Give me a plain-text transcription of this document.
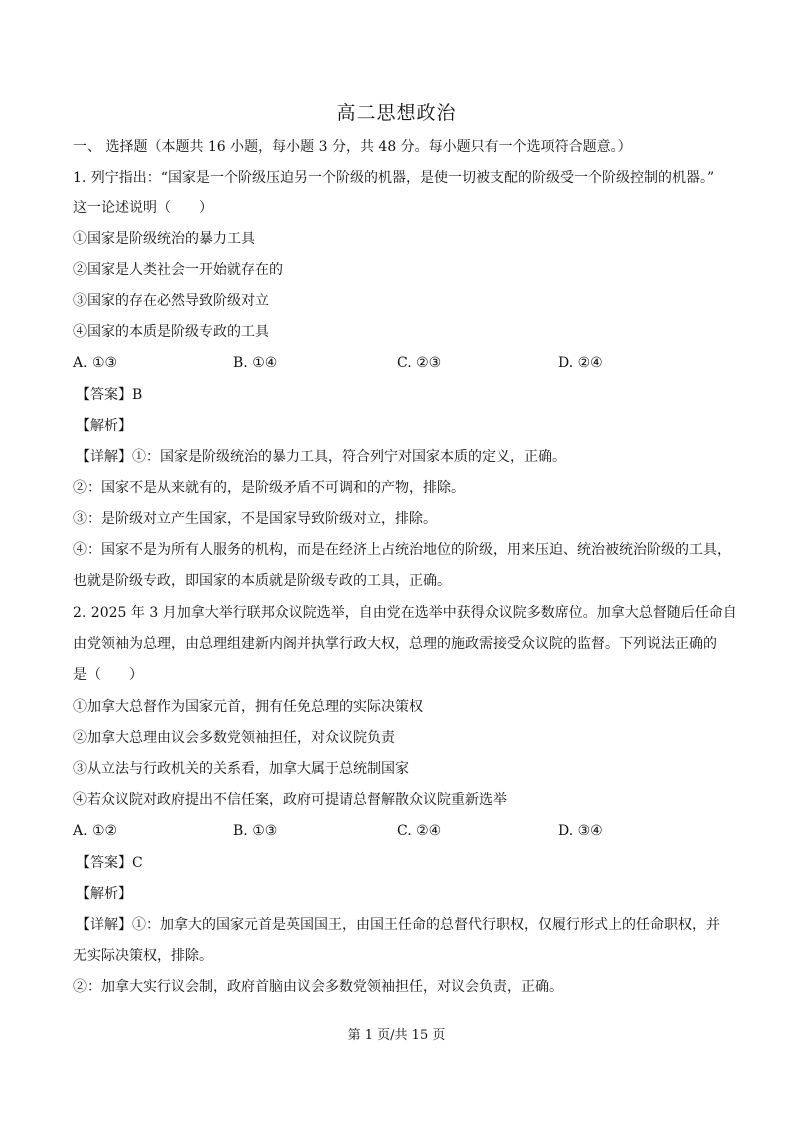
高二思想政治
一、 选择题（本题共 16 小题，每小题 3 分，共 48 分。每小题只有一个选项符合题意。）
1. 列宁指出：“国家是一个阶级压迫另一个阶级的机器，是使一切被支配的阶级受一个阶级控制的机器。”
这一论述说明（　　）
①国家是阶级统治的暴力工具
②国家是人类社会一开始就存在的
③国家的存在必然导致阶级对立
④国家的本质是阶级专政的工具
A. ①③	B. ①④	C. ②③	D. ②④
【答案】B
【解析】
【详解】①：国家是阶级统治的暴力工具，符合列宁对国家本质的定义，正确。
②：国家不是从来就有的，是阶级矛盾不可调和的产物，排除。
③：是阶级对立产生国家，不是国家导致阶级对立，排除。
④：国家不是为所有人服务的机构，而是在经济上占统治地位的阶级，用来压迫、统治被统治阶级的工具，
也就是阶级专政，即国家的本质就是阶级专政的工具，正确。
2. 2025 年 3 月加拿大举行联邦众议院选举，自由党在选举中获得众议院多数席位。加拿大总督随后任命自
由党领袖为总理，由总理组建新内阁并执掌行政大权，总理的施政需接受众议院的监督。下列说法正确的
是（　　）
①加拿大总督作为国家元首，拥有任免总理的实际决策权
②加拿大总理由议会多数党领袖担任，对众议院负责
③从立法与行政机关的关系看，加拿大属于总统制国家
④若众议院对政府提出不信任案，政府可提请总督解散众议院重新选举
A. ①②	B. ①③	C. ②④	D. ③④
【答案】C
【解析】
【详解】①：加拿大的国家元首是英国国王，由国王任命的总督代行职权，仅履行形式上的任命职权，并
无实际决策权，排除。
②：加拿大实行议会制，政府首脑由议会多数党领袖担任，对议会负责，正确。
第 1 页/共 15 页
